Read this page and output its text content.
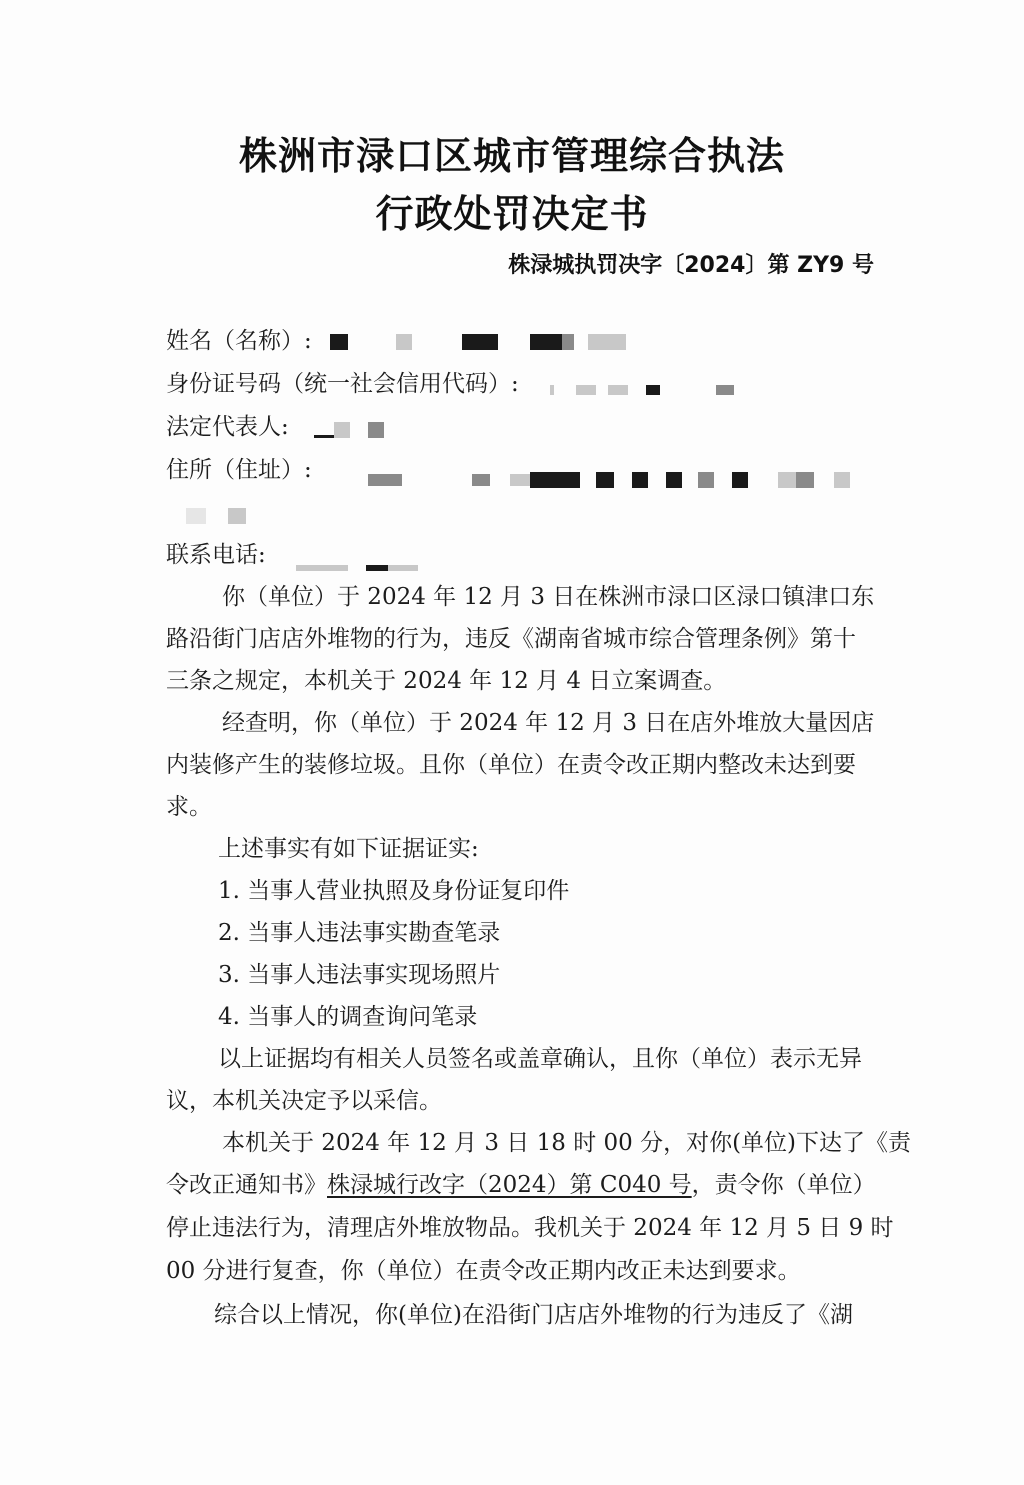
株洲市渌口区城市管理综合执法
行政处罚决定书
株渌城执罚决字〔2024〕第 ZY9 号
姓名（名称）:
身份证号码（统一社会信用代码）:
法定代表人:
住所（住址）:
联系电话:
你（单位）于 2024 年 12 月 3 日在株洲市渌口区渌口镇津口东
路沿街门店店外堆物的行为，违反《湖南省城市综合管理条例》第十
三条之规定，本机关于 2024 年 12 月 4 日立案调查。
经查明，你（单位）于 2024 年 12 月 3 日在店外堆放大量因店
内装修产生的装修垃圾。且你（单位）在责令改正期内整改未达到要
求。
上述事实有如下证据证实:
1. 当事人营业执照及身份证复印件
2. 当事人违法事实勘查笔录
3. 当事人违法事实现场照片
4. 当事人的调查询问笔录
以上证据均有相关人员签名或盖章确认，且你（单位）表示无异
议，本机关决定予以采信。
本机关于 2024 年 12 月 3 日 18 时 00 分，对你(单位)下达了《责
令改正通知书》株渌城行改字（2024）第 C040 号，责令你（单位）
停止违法行为，清理店外堆放物品。我机关于 2024 年 12 月 5 日 9 时
00 分进行复查，你（单位）在责令改正期内改正未达到要求。
综合以上情况，你(单位)在沿街门店店外堆物的行为违反了《湖
